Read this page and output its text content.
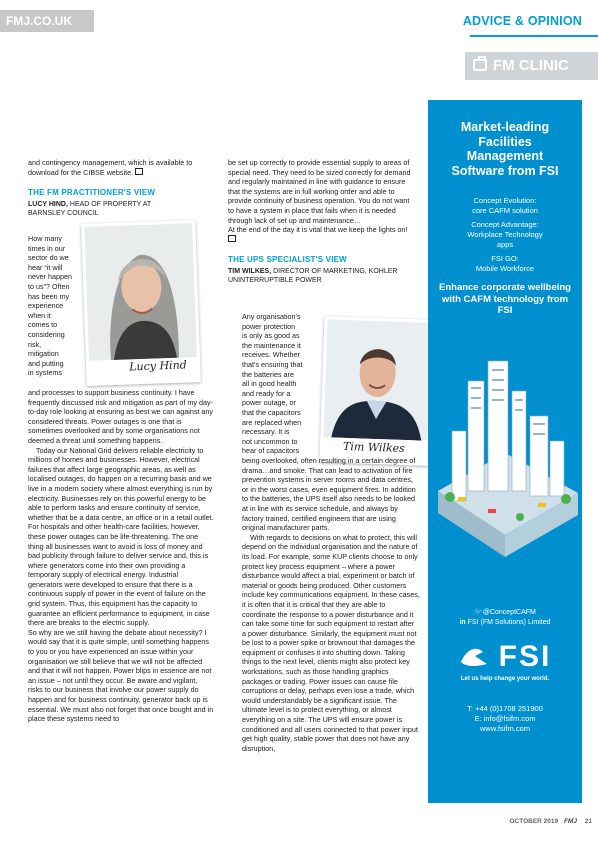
FMJ.CO.UK	ADVICE & OPINION
FM CLINIC

and contingency management, which is available to download for the CIBSE website.

THE FM PRACTITIONER'S VIEW
LUCY HIND, HEAD OF PROPERTY AT
BARNSLEY COUNCIL
How many
times in our
sector do we
hear “it will
never happen
to us”? Often
has been my
experience
when it
comes to
considering
risk,
mitigation
and putting
in systems	Lucy Hind

and processes to support business continuity. I have frequently discussed risk and mitigation as part of my day-to-day role looking at ensuring as best we can against any considered threats. Power outages is one that is sometimes overlooked and by some organisations not deemed a threat until something happens.

Today our National Grid delivers reliable electricity to millions of homes and businesses. However, electrical failures that affect large geographic areas, as well as localised outages, do happen on a recurring basis and we live in a modern society where almost everything is run by electricity. Businesses rely on this powerful energy to be able to perform tasks and ensure continuity of service, whether that be a data centre, an office or in a retail outlet. For hospitals and other health-care facilities, however, these power outages can be life-threatening. The one thing all businesses want to avoid is loss of money and bad publicity through failure to deliver service and, this is where generators come into their own providing a temporary supply of electrical energy. Industrial generators were developed to ensure that there is a continuous supply of power in the event of failure on the grid system. Thus, this equipment has the capacity to guarantee an efficient performance to equipment, in case there are breaks to the electric supply.

So why are we still having the debate about necessity? I would say that it is quite simple, until something happens to you or you have experienced an issue within your organisation we still believe that we will not be affected and that it will not happen. Power blips in essence are not an issue – not until they occur. Be aware and vigilant, risks to our business that involve our power supply do happen and for business continuity, generator back up is essential. We must also not forget that once bought and in place these systems need to

be set up correctly to provide essential supply to areas of special need. They need to be sized correctly for demand and regularly maintained in line with guidance to ensure that the systems are in full working order and able to provide continuity of business operation. You do not want to have a system in place that fails when it is needed through lack of set up and maintenance…

At the end of the day it is vital that we keep the lights on!

THE UPS SPECIALIST'S VIEW
TIM WILKES, DIRECTOR OF MARKETING, KOHLER
UNINTERRUPTIBLE POWER
Any organisation's
power protection
is only as good as
the maintenance it
receives. Whether
that's ensuring that
the batteries are
all in good health
and ready for a
power outage, or
that the capacitors
are replaced when
necessary. It is
not uncommon to
hear of capacitors	Tim Wilkes

being overlooked, often resulting in a certain degree of drama…and smoke. That can lead to activation of fire prevention systems in server rooms and data centres, or in the worst cases, even equipment fires. In addition to the batteries, the UPS itself also needs to be looked at in line with its service schedule, and always by factory trained, certified engineers that are using original manufacturer parts.

With regards to decisions on what to protect, this will depend on the individual organisation and the nature of its load. For example, some KUP clients choose to only protect key process equipment – where a power disturbance would affect a trial, experiment or batch of material or goods being produced. Other customers include key communications equipment. In these cases, it is often that it is critical that they are able to coordinate the response to a power disturbance and it can take some time for such equipment to restart after a power disturbance. Similarly, the equipment must not be lost to a power spike or brownout that damages the equipment or confuses it into shutting down. Taking things to the next level, clients might also protect key workstations, such as those handling graphics packages or trading. Power issues can cause file corruptions or delay, perhaps even lose a trade, which would understandably be a significant issue. The ultimate level is to protect everything, or almost everything on a site. The UPS will ensure power is conditioned and all users connected to that power input get high quality, stable power that does not have any disruption,

Market-leading Facilities Management Software from FSI
Concept Evolution:
core CAFM solution
Concept Advantage:
Workplace Technology
apps
FSI GO:
Mobile Workforce
Enhance corporate wellbeing with CAFM technology from FSI
🐦@ConceptCAFM
in FSI (FM Solutions) Limited
FSI
Let us help change your world.
T: +44 (0)1708 251900
E: info@fsifm.com
www.fsifm.com
OCTOBER 2019 FMJ 21
